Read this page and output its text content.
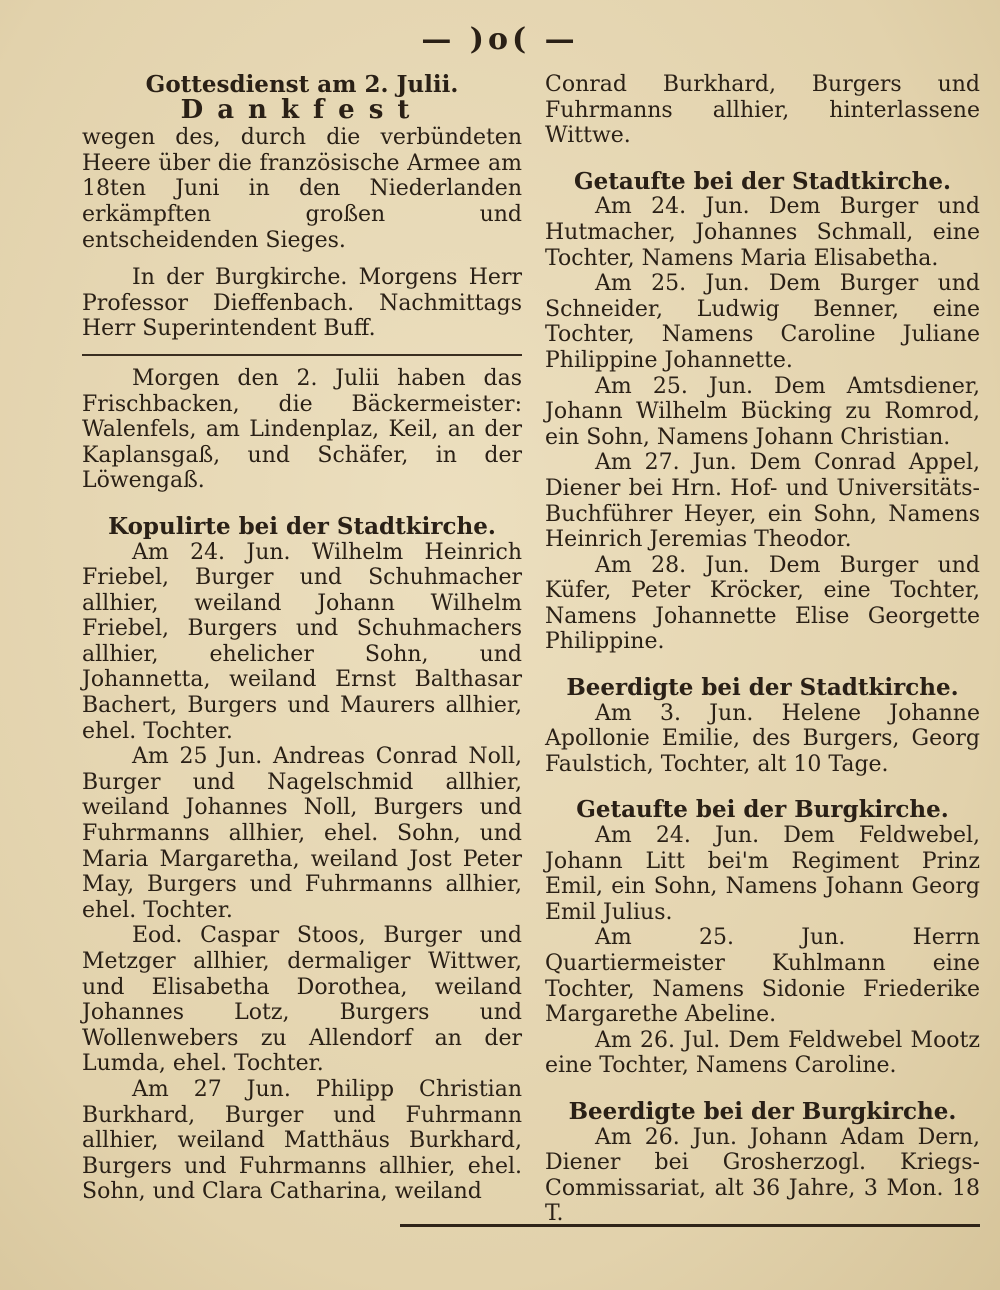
— )o( —

Gottesdienst am 2. Julii.

Dankfest

wegen des, durch die verbündeten Heere über die französische Armee am 18ten Juni in den Niederlanden erkämpften großen und entscheidenden Sieges.

In der Burgkirche. Morgens Herr Professor Dieffenbach. Nachmittags Herr Superintendent Buff.

Morgen den 2. Julii haben das Frischbacken, die Bäckermeister: Walenfels, am Lindenplaz, Keil, an der Kaplansgaß, und Schäfer, in der Löwengaß.

Kopulirte bei der Stadtkirche.

Am 24. Jun. Wilhelm Heinrich Friebel, Burger und Schuhmacher allhier, weiland Johann Wilhelm Friebel, Burgers und Schuhmachers allhier, ehelicher Sohn, und Johannetta, weiland Ernst Balthasar Bachert, Burgers und Maurers allhier, ehel. Tochter.

Am 25 Jun. Andreas Conrad Noll, Burger und Nagelschmid allhier, weiland Johannes Noll, Burgers und Fuhrmanns allhier, ehel. Sohn, und Maria Margaretha, weiland Jost Peter May, Burgers und Fuhrmanns allhier, ehel. Tochter.

Eod. Caspar Stoos, Burger und Metzger allhier, dermaliger Wittwer, und Elisabetha Dorothea, weiland Johannes Lotz, Burgers und Wollenwebers zu Allendorf an der Lumda, ehel. Tochter.

Am 27 Jun. Philipp Christian Burkhard, Burger und Fuhrmann allhier, weiland Matthäus Burkhard, Burgers und Fuhrmanns allhier, ehel. Sohn, und Clara Catharina, weiland

Conrad Burkhard, Burgers und Fuhrmanns allhier, hinterlassene Wittwe.

Getaufte bei der Stadtkirche.

Am 24. Jun. Dem Burger und Hutmacher, Johannes Schmall, eine Tochter, Namens Maria Elisabetha.

Am 25. Jun. Dem Burger und Schneider, Ludwig Benner, eine Tochter, Namens Caroline Juliane Philippine Johannette.

Am 25. Jun. Dem Amtsdiener, Johann Wilhelm Bücking zu Romrod, ein Sohn, Namens Johann Christian.

Am 27. Jun. Dem Conrad Appel, Diener bei Hrn. Hof- und Universitäts-Buchführer Heyer, ein Sohn, Namens Heinrich Jeremias Theodor.

Am 28. Jun. Dem Burger und Küfer, Peter Kröcker, eine Tochter, Namens Johannette Elise Georgette Philippine.

Beerdigte bei der Stadtkirche.

Am 3. Jun. Helene Johanne Apollonie Emilie, des Burgers, Georg Faulstich, Tochter, alt 10 Tage.

Getaufte bei der Burgkirche.

Am 24. Jun. Dem Feldwebel, Johann Litt bei'm Regiment Prinz Emil, ein Sohn, Namens Johann Georg Emil Julius.

Am 25. Jun. Herrn Quartiermeister Kuhlmann eine Tochter, Namens Sidonie Friederike Margarethe Abeline.

Am 26. Jul. Dem Feldwebel Mootz eine Tochter, Namens Caroline.

Beerdigte bei der Burgkirche.

Am 26. Jun. Johann Adam Dern, Diener bei Grosherzogl. Kriegs-Commissariat, alt 36 Jahre, 3 Mon. 18 T.
